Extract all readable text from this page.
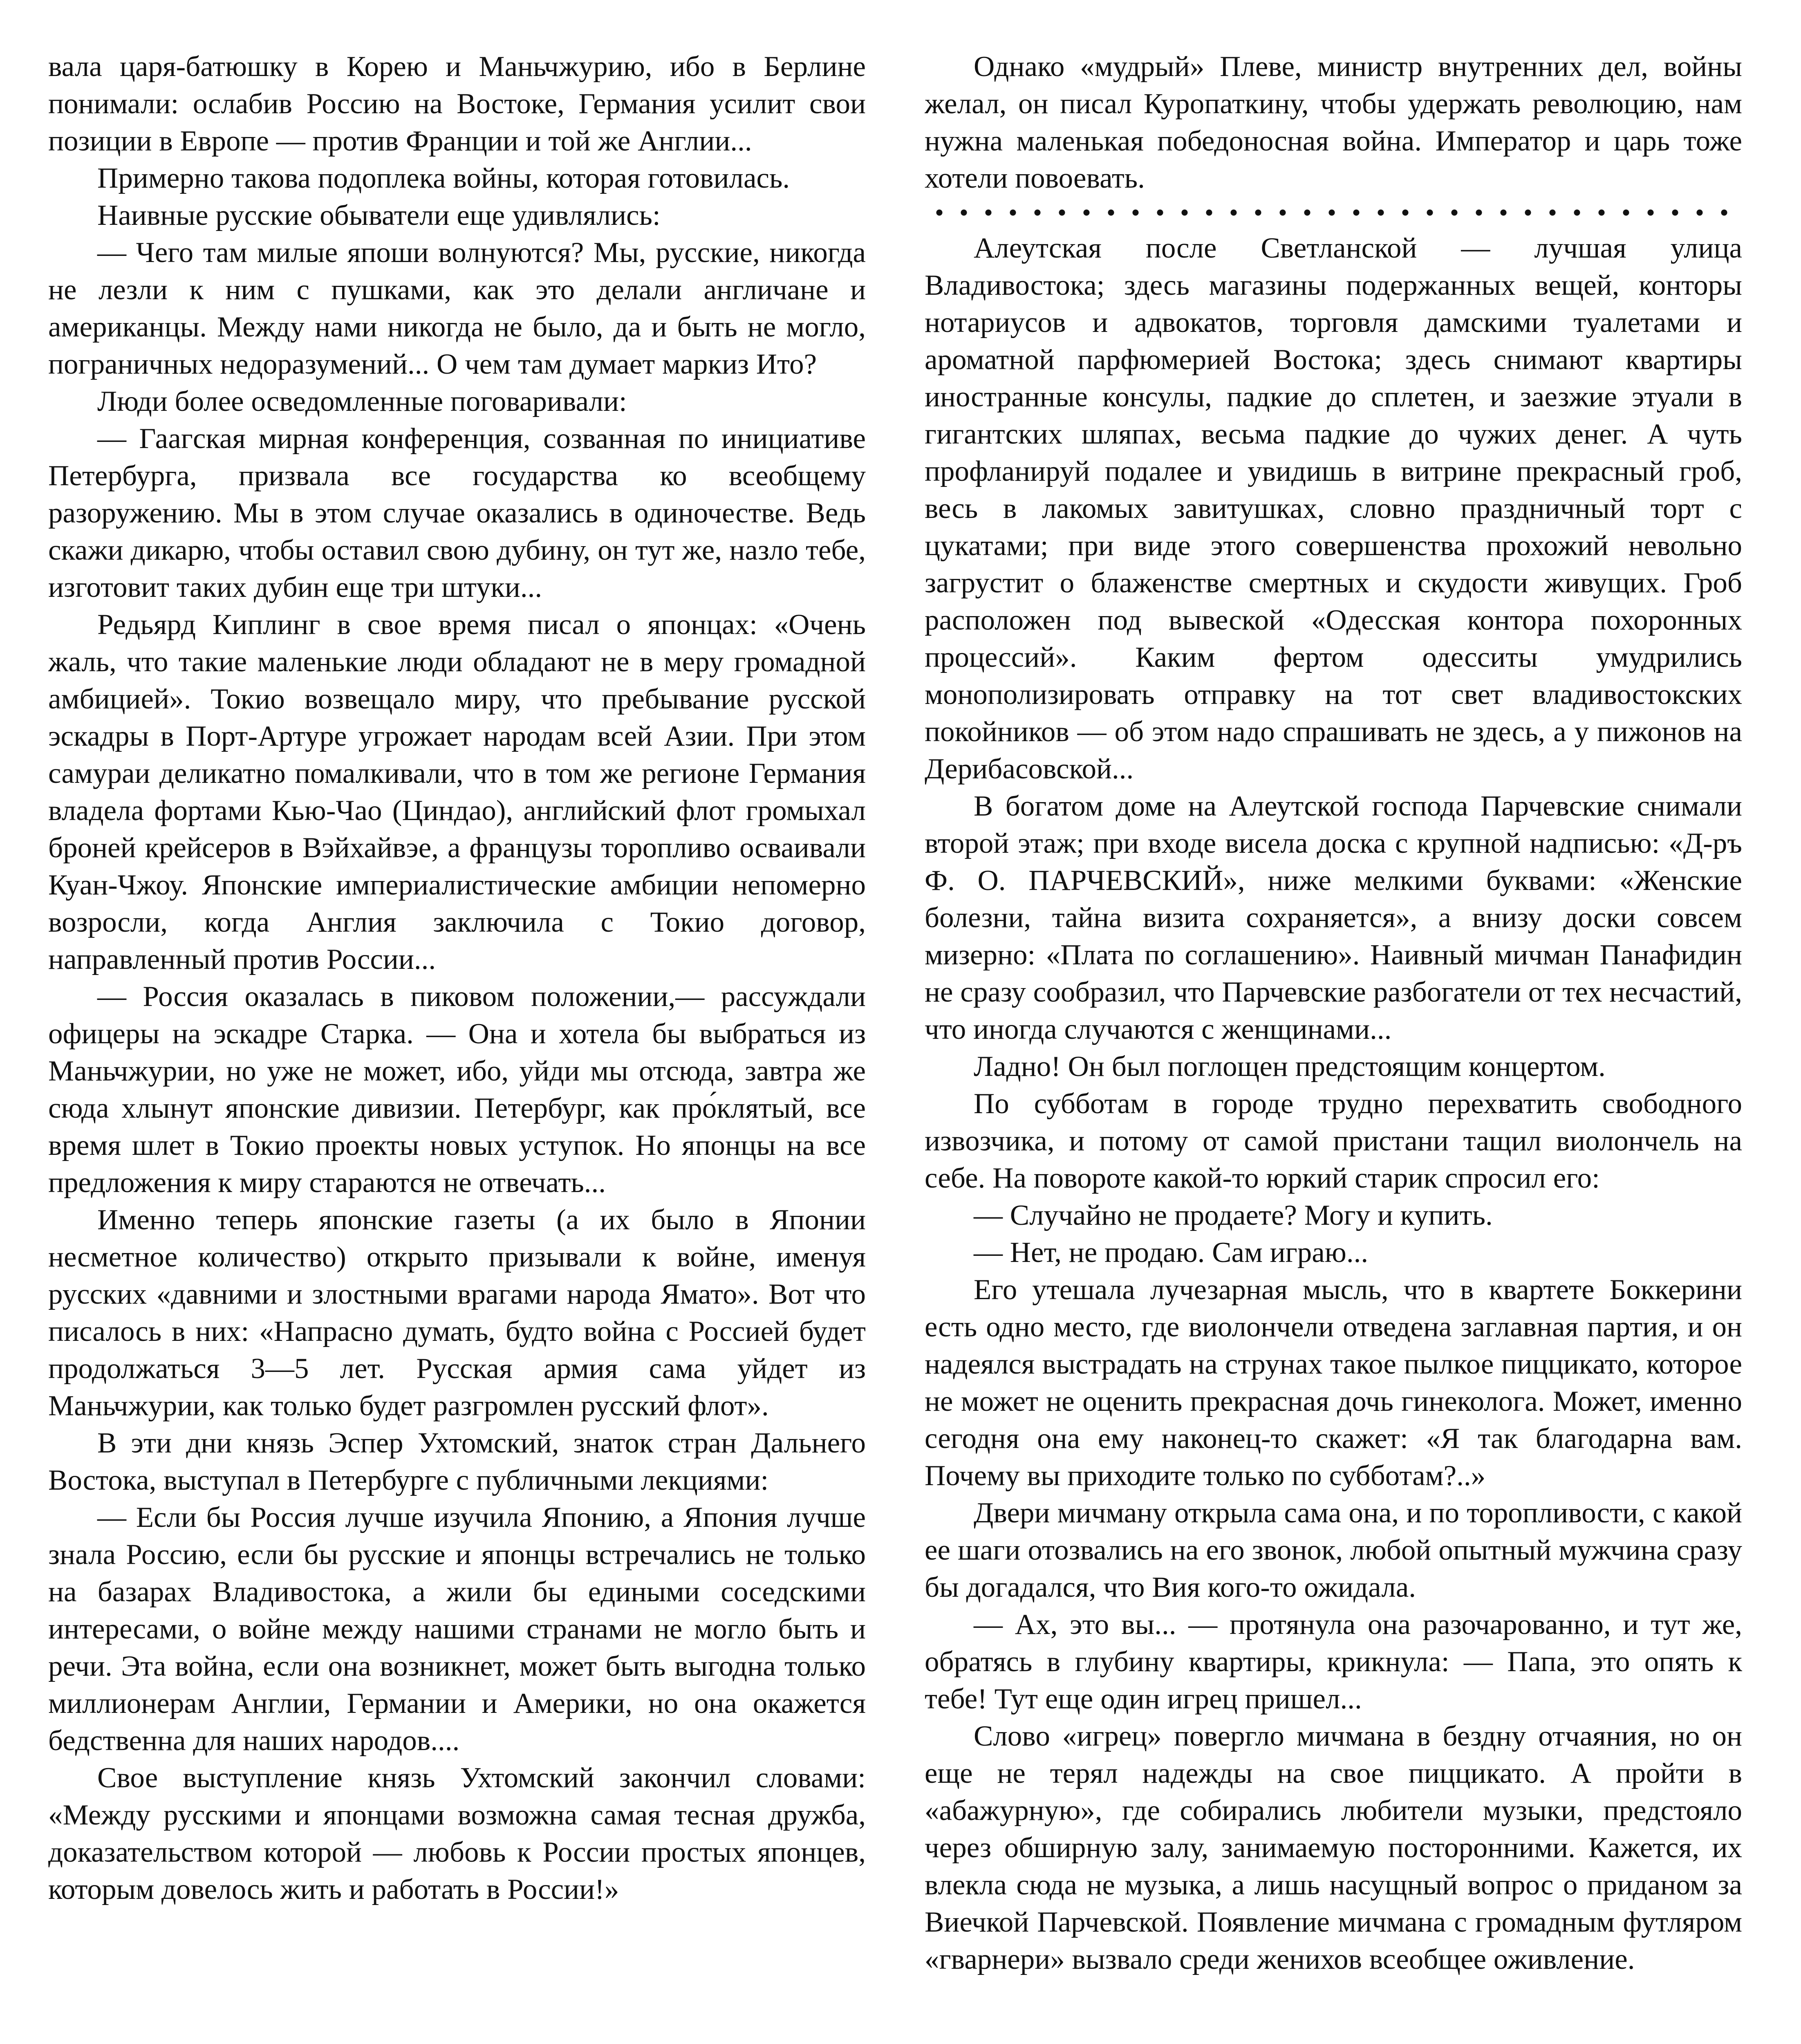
вала царя-батюшку в Корею и Маньчжурию, ибо в Берлине понимали: ослабив Россию на Востоке, Германия усилит свои позиции в Европе — против Франции и той же Англии...

Примерно такова подоплека войны, которая готовилась.

Наивные русские обыватели еще удивлялись:

— Чего там милые япоши волнуются? Мы, русские, никогда не лезли к ним с пушками, как это делали англичане и американцы. Между нами никогда не было, да и быть не могло, пограничных недоразумений... О чем там думает маркиз Ито?

Люди более осведомленные поговаривали:

— Гаагская мирная конференция, созванная по инициативе Петербурга, призвала все государства ко всеобщему разоружению. Мы в этом случае оказались в одиночестве. Ведь скажи дикарю, чтобы оставил свою дубину, он тут же, назло тебе, изготовит таких дубин еще три штуки...

Редьярд Киплинг в свое время писал о японцах: «Очень жаль, что такие маленькие люди обладают не в меру громадной амбицией». Токио возвещало миру, что пребывание русской эскадры в Порт-Артуре угрожает народам всей Азии. При этом самураи деликатно помалкивали, что в том же регионе Германия владела фортами Кью-Чао (Циндао), английский флот громыхал броней крейсеров в Вэйхайвэе, а французы торопливо осваивали Куан-Чжоу. Японские империалистические амбиции непомерно возросли, когда Англия заключила с Токио договор, направленный против России...

— Россия оказалась в пиковом положении,— рассуждали офицеры на эскадре Старка. — Она и хотела бы выбраться из Маньчжурии, но уже не может, ибо, уйди мы отсюда, завтра же сюда хлынут японские дивизии. Петербург, как про́клятый, все время шлет в Токио проекты новых уступок. Но японцы на все предложения к миру стараются не отвечать...

Именно теперь японские газеты (а их было в Японии несметное количество) открыто призывали к войне, именуя русских «давними и злостными врагами народа Ямато». Вот что писалось в них: «Напрасно думать, будто война с Россией будет продолжаться 3—5 лет. Русская армия сама уйдет из Маньчжурии, как только будет разгромлен русский флот».

В эти дни князь Эспер Ухтомский, знаток стран Дальнего Востока, выступал в Петербурге с публичными лекциями:

— Если бы Россия лучше изучила Японию, а Япония лучше знала Россию, если бы русские и японцы встречались не только на базарах Владивостока, а жили бы едиными соседскими интересами, о войне между нашими странами не могло быть и речи. Эта война, если она возникнет, может быть выгодна только миллионерам Англии, Германии и Америки, но она окажется бедственна для наших народов....

Свое выступление князь Ухтомский закончил словами: «Между русскими и японцами возможна самая тесная дружба, доказательством которой — любовь к России простых японцев, которым довелось жить и работать в России!»

Однако «мудрый» Плеве, министр внутренних дел, войны желал, он писал Куропаткину, чтобы удержать революцию, нам нужна маленькая победоносная война. Император и царь тоже хотели повоевать.

Алеутская после Светланской — лучшая улица Владивостока; здесь магазины подержанных вещей, конторы нотариусов и адвокатов, торговля дамскими туалетами и ароматной парфюмерией Востока; здесь снимают квартиры иностранные консулы, падкие до сплетен, и заезжие этуали в гигантских шляпах, весьма падкие до чужих денег. А чуть профланируй подалее и увидишь в витрине прекрасный гроб, весь в лакомых завитушках, словно праздничный торт с цукатами; при виде этого совершенства прохожий невольно загрустит о блаженстве смертных и скудости живущих. Гроб расположен под вывеской «Одесская контора похоронных процессий». Каким фертом одесситы умудрились монополизировать отправку на тот свет владивостокских покойников — об этом надо спрашивать не здесь, а у пижонов на Дерибасовской...

В богатом доме на Алеутской господа Парчевские снимали второй этаж; при входе висела доска с крупной надписью: «Д-ръ Ф. О. ПАРЧЕВСКИЙ», ниже мелкими буквами: «Женские болезни, тайна визита сохраняется», а внизу доски совсем мизерно: «Плата по соглашению». Наивный мичман Панафидин не сразу сообразил, что Парчевские разбогатели от тех несчастий, что иногда случаются с женщинами...

Ладно! Он был поглощен предстоящим концертом.

По субботам в городе трудно перехватить свободного извозчика, и потому от самой пристани тащил виолончель на себе. На повороте какой-то юркий старик спросил его:

— Случайно не продаете? Могу и купить.

— Нет, не продаю. Сам играю...

Его утешала лучезарная мысль, что в квартете Боккерини есть одно место, где виолончели отведена заглавная партия, и он надеялся выстрадать на струнах такое пылкое пиццикато, которое не может не оценить прекрасная дочь гинеколога. Может, именно сегодня она ему наконец-то скажет: «Я так благодарна вам. Почему вы приходите только по субботам?..»

Двери мичману открыла сама она, и по торопливости, с какой ее шаги отозвались на его звонок, любой опытный мужчина сразу бы догадался, что Вия кого-то ожидала.

— Ах, это вы... — протянула она разочарованно, и тут же, обратясь в глубину квартиры, крикнула: — Папа, это опять к тебе! Тут еще один игрец пришел...

Слово «игрец» повергло мичмана в бездну отчаяния, но он еще не терял надежды на свое пиццикато. А пройти в «абажурную», где собирались любители музыки, предстояло через обширную залу, занимаемую посторонними. Кажется, их влекла сюда не музыка, а лишь насущный вопрос о приданом за Виечкой Парчевской. Появление мичмана с громадным футляром «гварнери» вызвало среди женихов всеобщее оживление.
